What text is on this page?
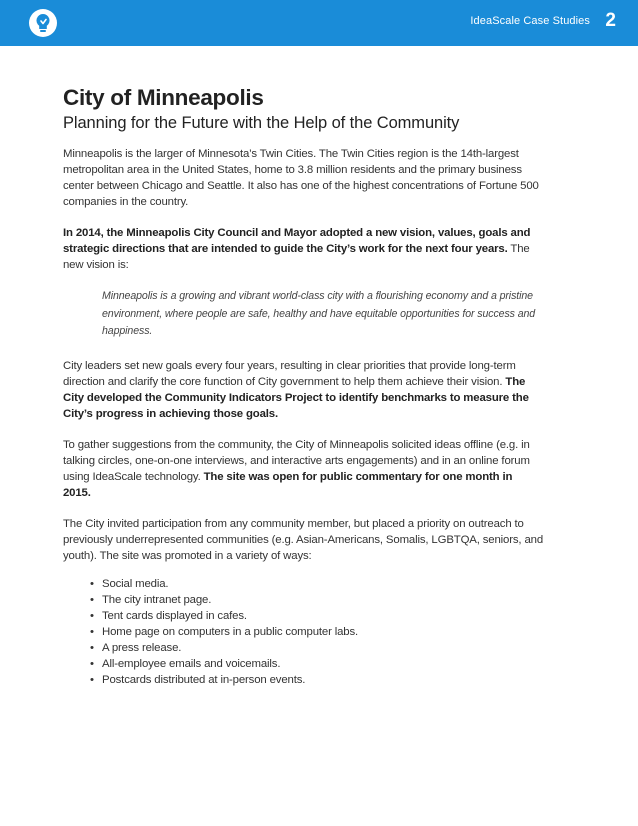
IdeaScale Case Studies 2
City of Minneapolis
Planning for the Future with the Help of the Community

Minneapolis is the larger of Minnesota’s Twin Cities. The Twin Cities region is the 14th-largest metropolitan area in the United States, home to 3.8 million residents and the primary business center between Chicago and Seattle. It also has one of the highest concentrations of Fortune 500 companies in the country.

In 2014, the Minneapolis City Council and Mayor adopted a new vision, values, goals and strategic directions that are intended to guide the City’s work for the next four years. The new vision is:

Minneapolis is a growing and vibrant world-class city with a flourishing economy and a pristine environment, where people are safe, healthy and have equitable opportunities for success and happiness.

City leaders set new goals every four years, resulting in clear priorities that provide long-term direction and clarify the core function of City government to help them achieve their vision. The City developed the Community Indicators Project to identify benchmarks to measure the City’s progress in achieving those goals.

To gather suggestions from the community, the City of Minneapolis solicited ideas offline (e.g. in talking circles, one-on-one interviews, and interactive arts engagements) and in an online forum using IdeaScale technology. The site was open for public commentary for one month in 2015.

The City invited participation from any community member, but placed a priority on outreach to previously underrepresented communities (e.g. Asian-Americans, Somalis, LGBTQA, seniors, and youth). The site was promoted in a variety of ways:

• Social media.
• The city intranet page.
• Tent cards displayed in cafes.
• Home page on computers in a public computer labs.
• A press release.
• All-employee emails and voicemails.
• Postcards distributed at in-person events.
